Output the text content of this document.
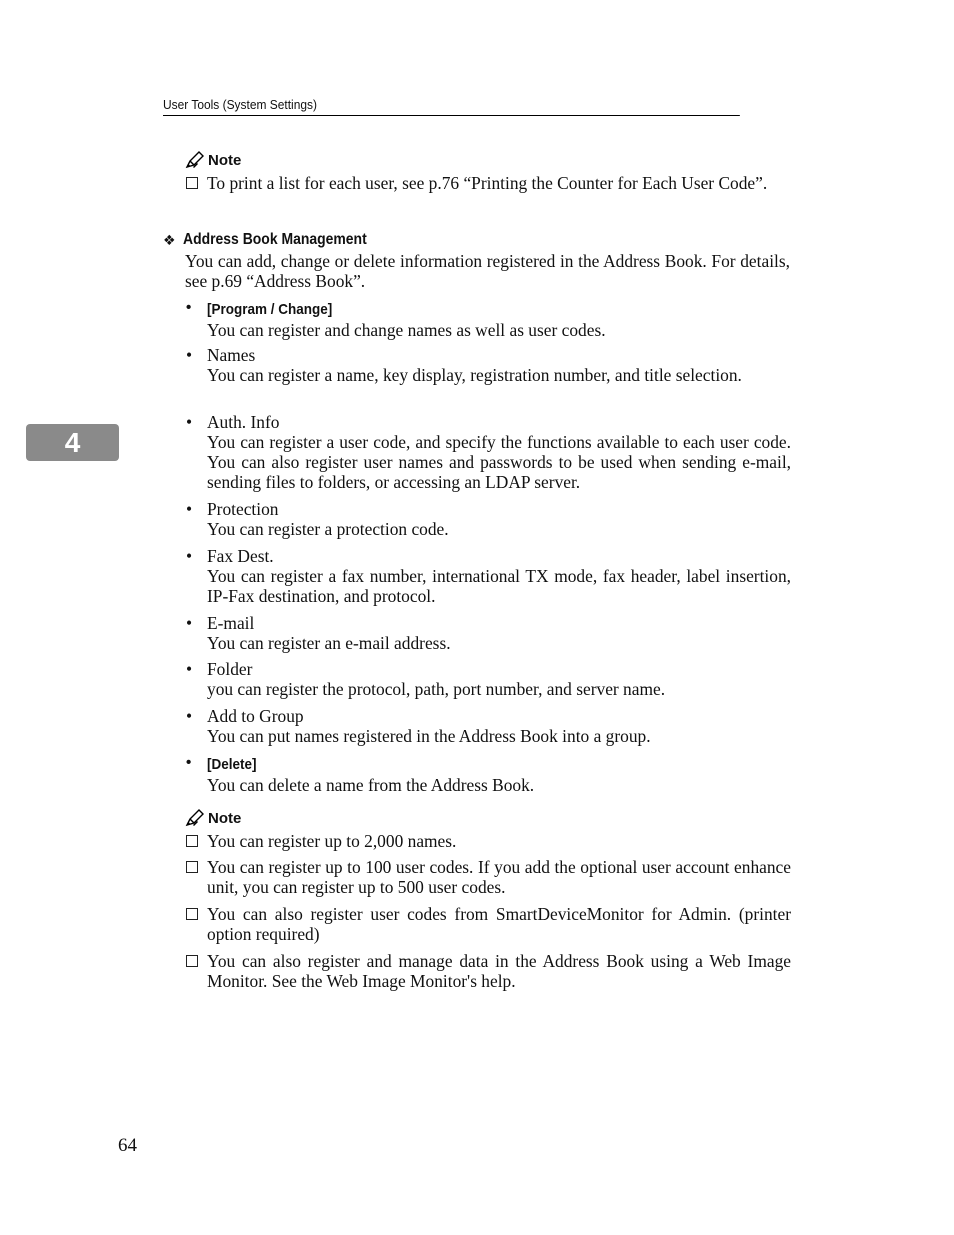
User Tools (System Settings)
4
Note
To print a list for each user, see p.76 “Printing the Counter for Each User Code”.
❖ Address Book Management
You can add, change or delete information registered in the Address Book. For details, see p.69 “Address Book”.
•	[Program / Change]
You can register and change names as well as user codes.
• Names
You can register a name, key display, registration number, and title selection.
• Auth. Info
You can register a user code, and specify the functions available to each user code. You can also register user names and passwords to be used when sending e-mail, sending files to folders, or accessing an LDAP server.
• Protection
You can register a protection code.
• Fax Dest.
You can register a fax number, international TX mode, fax header, label insertion, IP-Fax destination, and protocol.
• E-mail
You can register an e-mail address.
• Folder
you can register the protocol, path, port number, and server name.
• Add to Group
You can put names registered in the Address Book into a group.
•	[Delete]
You can delete a name from the Address Book.
Note
You can register up to 2,000 names.
You can register up to 100 user codes. If you add the optional user account enhance unit, you can register up to 500 user codes.
You can also register user codes from SmartDeviceMonitor for Admin. (printer option required)
You can also register and manage data in the Address Book using a Web Image Monitor. See the Web Image Monitor's help.
64
